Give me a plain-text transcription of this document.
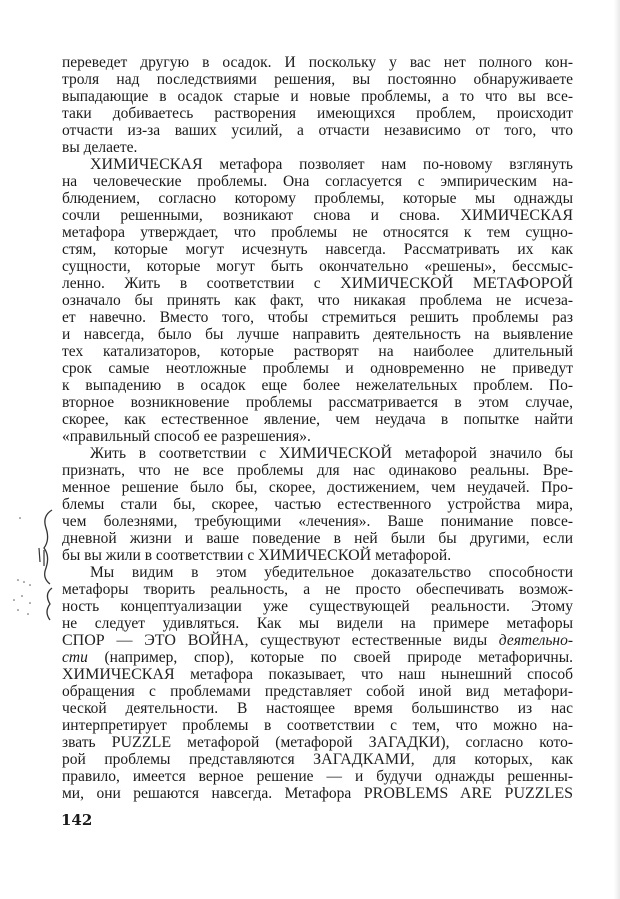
переведет другую в осадок. И поскольку у вас нет полного кон-
троля над последствиями решения, вы постоянно обнаруживаете
выпадающие в осадок старые и новые проблемы, а то что вы все-
таки добиваетесь растворения имеющихся проблем, происходит
отчасти из-за ваших усилий, а отчасти независимо от того, что
вы делаете.
ХИМИЧЕСКАЯ метафора позволяет нам по-новому взглянуть
на человеческие проблемы. Она согласуется с эмпирическим на-
блюдением, согласно которому проблемы, которые мы однажды
сочли решенными, возникают снова и снова. ХИМИЧЕСКАЯ
метафора утверждает, что проблемы не относятся к тем сущно-
стям, которые могут исчезнуть навсегда. Рассматривать их как
сущности, которые могут быть окончательно «решены», бессмыс-
ленно. Жить в соответствии с ХИМИЧЕСКОЙ МЕТАФОРОЙ
означало бы принять как факт, что никакая проблема не исчеза-
ет навечно. Вместо того, чтобы стремиться решить проблемы раз
и навсегда, было бы лучше направить деятельность на выявление
тех катализаторов, которые растворят на наиболее длительный
срок самые неотложные проблемы и одновременно не приведут
к выпадению в осадок еще более нежелательных проблем. По-
вторное возникновение проблемы рассматривается в этом случае,
скорее, как естественное явление, чем неудача в попытке найти
«правильный способ ее разрешения».
Жить в соответствии с ХИМИЧЕСКОЙ метафорой значило бы
признать, что не все проблемы для нас одинаково реальны. Вре-
менное решение было бы, скорее, достижением, чем неудачей. Про-
блемы стали бы, скорее, частью естественного устройства мира,
чем болезнями, требующими «лечения». Ваше понимание повсе-
дневной жизни и ваше поведение в ней были бы другими, если
бы вы жили в соответствии с ХИМИЧЕСКОЙ метафорой.
Мы видим в этом убедительное доказательство способности
метафоры творить реальность, а не просто обеспечивать возмож-
ность концептуализации уже существующей реальности. Этому
не следует удивляться. Как мы видели на примере метафоры
СПОР — ЭТО ВОЙНА, существуют естественные виды деятельно-
сти (например, спор), которые по своей природе метафоричны.
ХИМИЧЕСКАЯ метафора показывает, что наш нынешний способ
обращения с проблемами представляет собой иной вид метафори-
ческой деятельности. В настоящее время большинство из нас
интерпретирует проблемы в соответствии с тем, что можно на-
звать PUZZLE метафорой (метафорой ЗАГАДКИ), согласно кото-
рой проблемы представляются ЗАГАДКАМИ, для которых, как
правило, имеется верное решение — и будучи однажды решенны-
ми, они решаются навсегда. Метафора PROBLEMS ARE PUZZLES
142
